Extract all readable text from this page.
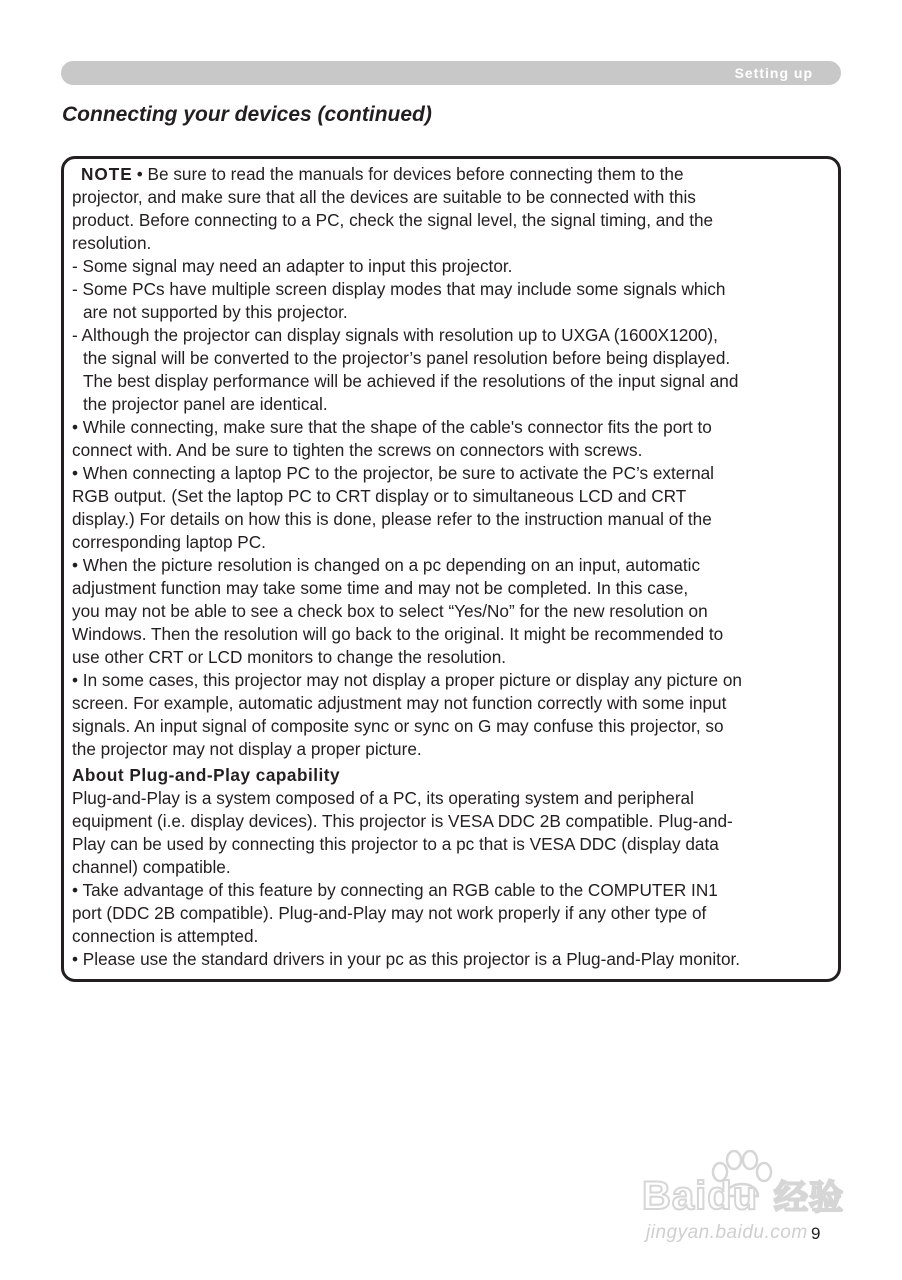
Setting up
Connecting your devices (continued)
NOTE • Be sure to read the manuals for devices before connecting them to the
projector, and make sure that all the devices are suitable to be connected with this
product. Before connecting to a PC, check the signal level, the signal timing, and the
resolution.
- Some signal may need an adapter to input this projector.
- Some PCs have multiple screen display modes that may include some signals which
are not supported by this projector.
- Although the projector can display signals with resolution up to UXGA (1600X1200),
the signal will be converted to the projector’s panel resolution before being displayed.
The best display performance will be achieved if the resolutions of the input signal and
the projector panel are identical.
• While connecting, make sure that the shape of the cable's connector fits the port to
connect with. And be sure to tighten the screws on connectors with screws.
• When connecting a laptop PC to the projector, be sure to activate the PC’s external
RGB output. (Set the laptop PC to CRT display or to simultaneous LCD and CRT
display.) For details on how this is done, please refer to the instruction manual of the
corresponding laptop PC.
• When the picture resolution is changed on a pc depending on an input, automatic
adjustment function may take some time and may not be completed. In this case,
you may not be able to see a check box to select “Yes/No” for the new resolution on
Windows. Then the resolution will go back to the original. It might be recommended to
use other CRT or LCD monitors to change the resolution.
• In some cases, this projector may not display a proper picture or display any picture on
screen. For example, automatic adjustment may not function correctly with some input
signals. An input signal of composite sync or sync on G may confuse this projector, so
the projector may not display a proper picture.
About Plug-and-Play capability
Plug-and-Play is a system composed of a PC, its operating system and peripheral
equipment (i.e. display devices). This projector is VESA DDC 2B compatible. Plug-and-
Play can be used by connecting this projector to a pc that is VESA DDC (display data
channel) compatible.
• Take advantage of this feature by connecting an RGB cable to the COMPUTER IN1
port (DDC 2B compatible). Plug-and-Play may not work properly if any other type of
connection is attempted.
• Please use the standard drivers in your pc as this projector is a Plug-and-Play monitor.
Baidu 经验
jingyan.baidu.com 9
